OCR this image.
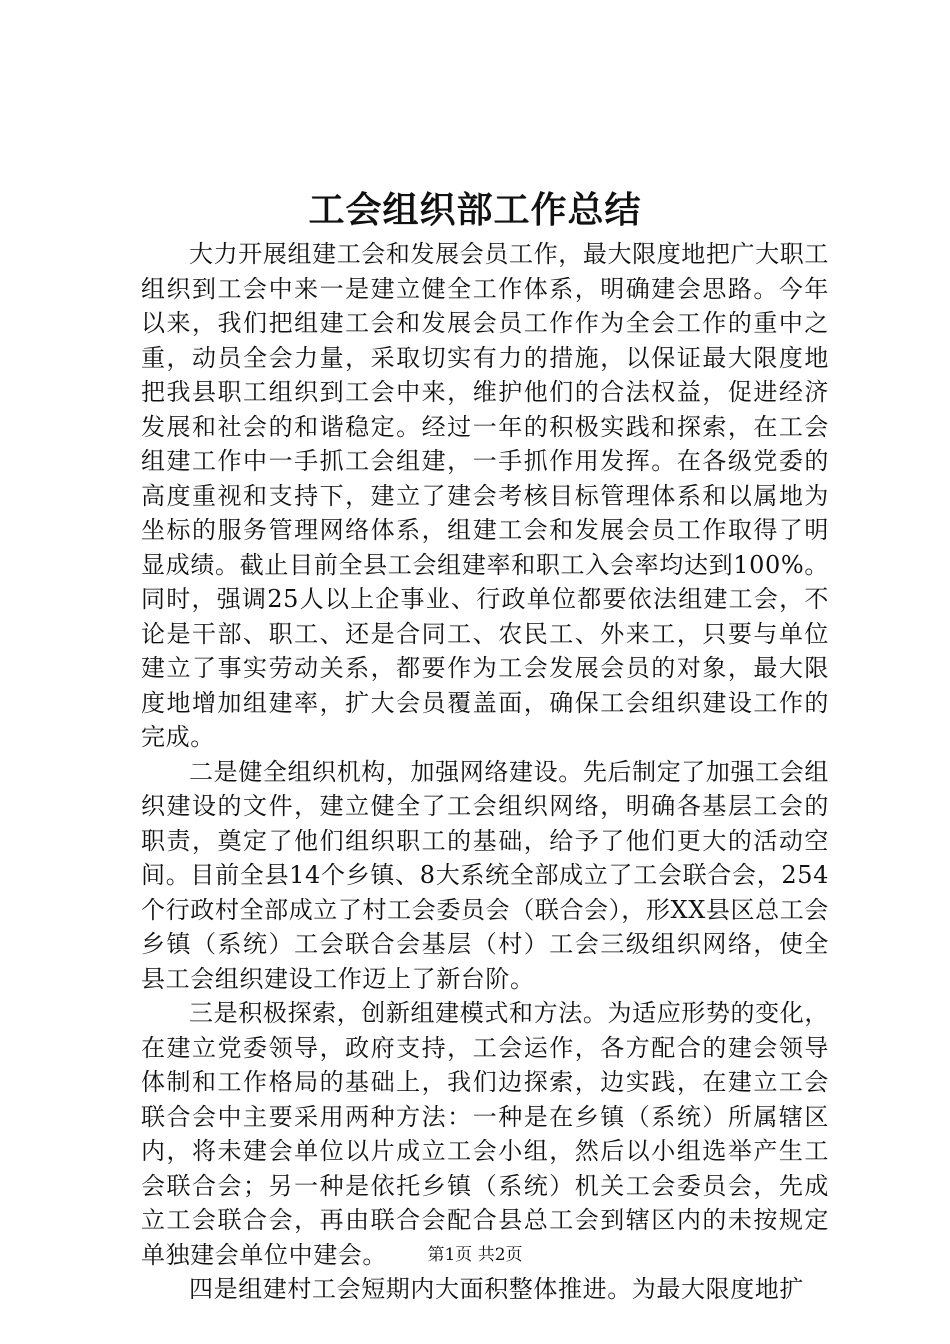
工会组织部工作总结

大力开展组建工会和发展会员工作，最大限度地把广大职工组织到工会中来一是建立健全工作体系，明确建会思路。今年以来，我们把组建工会和发展会员工作作为全会工作的重中之重，动员全会力量，采取切实有力的措施，以保证最大限度地把我县职工组织到工会中来，维护他们的合法权益，促进经济发展和社会的和谐稳定。经过一年的积极实践和探索，在工会组建工作中一手抓工会组建，一手抓作用发挥。在各级党委的高度重视和支持下，建立了建会考核目标管理体系和以属地为坐标的服务管理网络体系，组建工会和发展会员工作取得了明显成绩。截止目前全县工会组建率和职工入会率均达到100%。同时，强调25人以上企事业、行政单位都要依法组建工会，不论是干部、职工、还是合同工、农民工、外来工，只要与单位建立了事实劳动关系，都要作为工会发展会员的对象，最大限度地增加组建率，扩大会员覆盖面，确保工会组织建设工作的完成。

二是健全组织机构，加强网络建设。先后制定了加强工会组织建设的文件，建立健全了工会组织网络，明确各基层工会的职责，奠定了他们组织职工的基础，给予了他们更大的活动空间。目前全县14个乡镇、8大系统全部成立了工会联合会，254个行政村全部成立了村工会委员会（联合会），形XX县区总工会乡镇（系统）工会联合会基层（村）工会三级组织网络，使全县工会组织建设工作迈上了新台阶。

三是积极探索，创新组建模式和方法。为适应形势的变化，在建立党委领导，政府支持，工会运作，各方配合的建会领导体制和工作格局的基础上，我们边探索，边实践，在建立工会联合会中主要采用两种方法：一种是在乡镇（系统）所属辖区内，将未建会单位以片成立工会小组，然后以小组选举产生工会联合会；另一种是依托乡镇（系统）机关工会委员会，先成立工会联合会，再由联合会配合县总工会到辖区内的未按规定单独建会单位中建会。

四是组建村工会短期内大面积整体推进。为最大限度地扩

第1页 共2页
